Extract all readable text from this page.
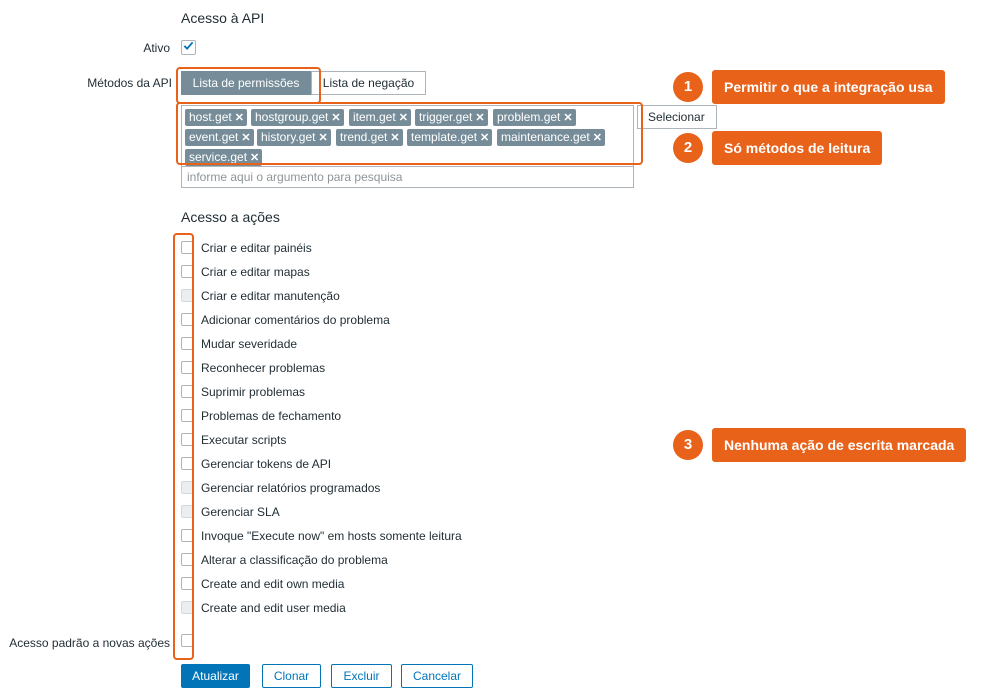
Acesso à API
Ativo
Métodos da API	Lista de permissões	Lista de negação
host.get ✕ hostgroup.get ✕	item.get ✕ trigger.get ✕	problem.get ✕
event.get ✕ history.get ✕	trend.get ✕ template.get ✕ maintenance.get ✕
service.get ✕
Selecionar
informe aqui o argumento para pesquisa
Acesso a ações
Criar e editar painéis
Criar e editar mapas
Criar e editar manutenção
Adicionar comentários do problema
Mudar severidade
Reconhecer problemas
Suprimir problemas
Problemas de fechamento
Executar scripts
Gerenciar tokens de API
Gerenciar relatórios programados
Gerenciar SLA
Invoque "Execute now" em hosts somente leitura
Alterar a classificação do problema
Create and edit own media
Create and edit user media
Acesso padrão a novas ações
Atualizar	Clonar	Excluir	Cancelar
1	Permitir o que a integração usa
2	Só métodos de leitura
3	Nenhuma ação de escrita marcada
